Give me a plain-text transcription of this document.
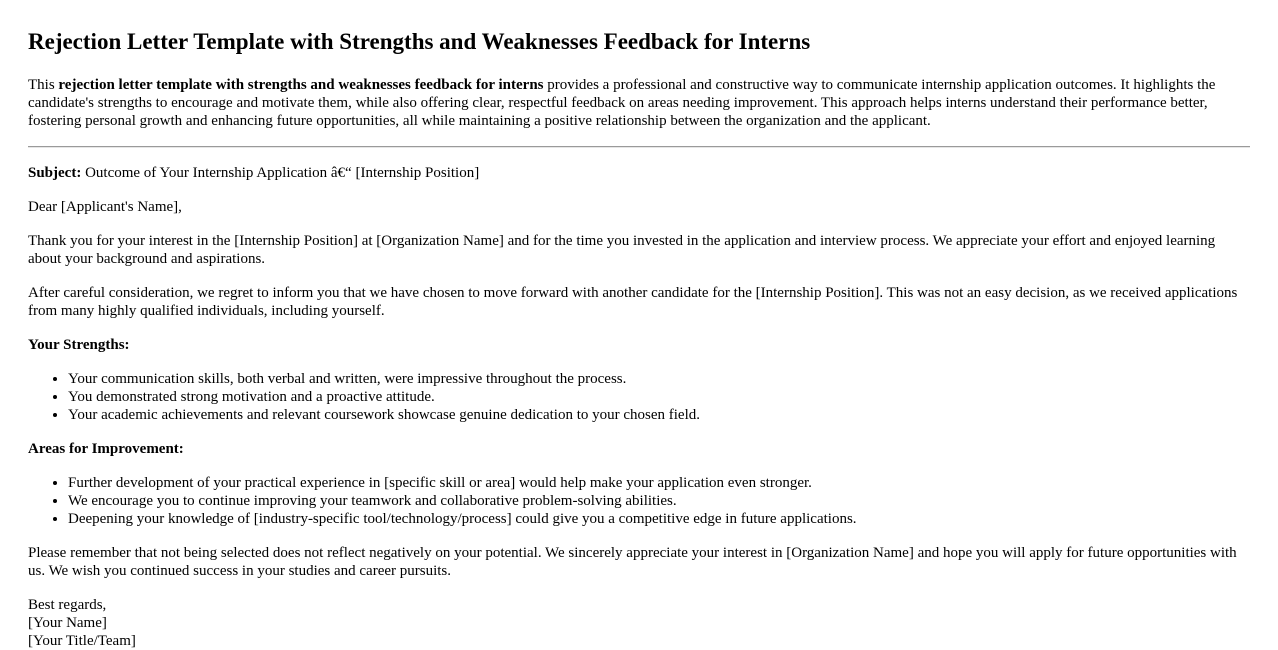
Rejection Letter Template with Strengths and Weaknesses Feedback for Interns

This rejection letter template with strengths and weaknesses feedback for interns provides a professional and constructive way to communicate internship application outcomes. It highlights the candidate's strengths to encourage and motivate them, while also offering clear, respectful feedback on areas needing improvement. This approach helps interns understand their performance better, fostering personal growth and enhancing future opportunities, all while maintaining a positive relationship between the organization and the applicant.

Subject: Outcome of Your Internship Application â€“ [Internship Position]

Dear [Applicant's Name],

Thank you for your interest in the [Internship Position] at [Organization Name] and for the time you invested in the application and interview process. We appreciate your effort and enjoyed learning about your background and aspirations.

After careful consideration, we regret to inform you that we have chosen to move forward with another candidate for the [Internship Position]. This was not an easy decision, as we received applications from many highly qualified individuals, including yourself.

Your Strengths:

• Your communication skills, both verbal and written, were impressive throughout the process.
• You demonstrated strong motivation and a proactive attitude.
• Your academic achievements and relevant coursework showcase genuine dedication to your chosen field.

Areas for Improvement:

• Further development of your practical experience in [specific skill or area] would help make your application even stronger.
• We encourage you to continue improving your teamwork and collaborative problem-solving abilities.
• Deepening your knowledge of [industry-specific tool/technology/process] could give you a competitive edge in future applications.

Please remember that not being selected does not reflect negatively on your potential. We sincerely appreciate your interest in [Organization Name] and hope you will apply for future opportunities with us. We wish you continued success in your studies and career pursuits.

Best regards,

[Your Name]

[Your Title/Team]
